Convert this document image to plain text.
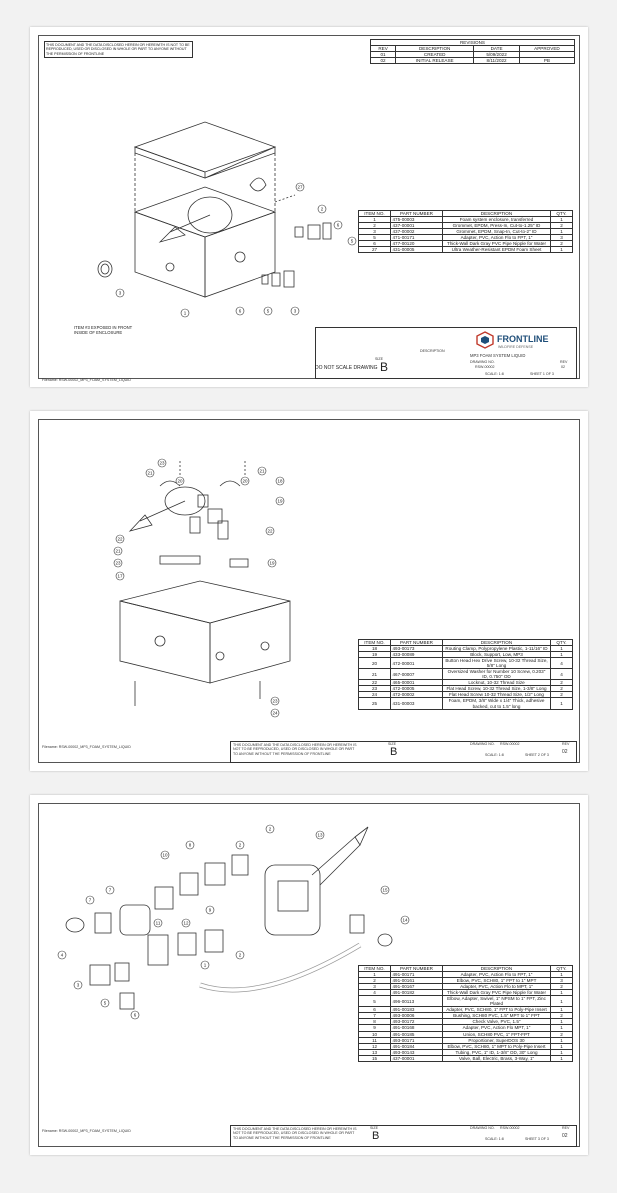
THIS DOCUMENT AND THE DATA DISCLOSED HEREIN OR HEREWITH IS NOT TO BE REPRODUCED, USED OR DISCLOSED IN WHOLE OR PART TO ANYONE WITHOUT THE PERMISSION OF FRONTLINE
REVISIONS			
REV	DESCRIPTION	DATE	APPROVED
01	CREATED	5/09/2022	
02	INITIAL RELEASE	8/11/2022	PB
27
2
6
5
1
3
6	5	3
ITEM #3 EXPOSED IN FRONT INSIDE OF ENCLOSURE
ITEM NO.	PART NUMBER	DESCRIPTION	QTY.
1	475-00003	Foam system enclosure, transferred	1
2	437-00001	Grommet, EPDM, Press-In, Cut-to-1.25" ID	2
3	437-00002	Grommet, EPDM, Snap-In, Cut-to-2" ID	1
5	471-00171	Adapter, PVC, Action Flo to FPT, 1"	3
6	477-00120	Thick-Wall Dark Gray PVC Pipe Nipple for Water	2
27	431-00005	Ultra Weather-Resistant EPDM Foam Sheet	1
FRONTLINE
WILDFIRE DEFENSE
DESCRIPTION
MP3 FOAM SYSTEM LIQUID
SIZE
B	DRAWING NO.
RSW-00002
REV
02
SCALE: 1:8	SHEET 1 OF 3
DO NOT SCALE DRAWING
Filename: RSW-00002_MP3_FOAM_SYSTEM_LIQUID
23
21
20	20
21
18
19
22
22
21
23
17
19
23
24
ITEM NO.	PART NUMBER	DESCRIPTION	QTY.
18	493-00173	Routing Clamp, Polypropylene Plastic, 1-11/16" ID	1
19	433-00089	Block, Support, Low, MP3	1
20	472-00001	Button Head Hex Drive Screw, 10-32 Thread Size, 5/8" Long	4
21	467-00007	Oversized Washer for Number 10 Screw, 0.203" ID, 0.750" OD	4
22	465-00001	Locknut, 10-32 Thread Size	2
23	472-00005	Flat Head Screw, 10-32 Thread Size, 1-3/8" Long	2
24	472-00002	Flat Head Screw 10-32 Thread Size, 1/2" Long	2
25	431-00003	Foam, EPDM, 3/8" Wide x 1/4" Thick, adhesive backed, cut to 1.5" long	1
THIS DOCUMENT AND THE DATA DISCLOSED HEREIN OR HEREWITH IS NOT TO BE REPRODUCED, USED OR DISCLOSED IN WHOLE OR PART TO ANYONE WITHOUT THE PERMISSION OF FRONTLINE
SIZE
B
DRAWING NO. RSW-00002	REV
02
SCALE: 1:8	SHEET 2 OF 3
Filename: RSW-00002_MP3_FOAM_SYSTEM_LIQUID
2
8
10
2
7
7
9
4
11	12
2
1
6
5
3
13
15
14
ITEM NO.	PART NUMBER	DESCRIPTION	QTY.
1	491-00171	Adapter, PVC, Action Flo to FPT, 1"	1
2	491-00161	Elbow, PVC, SCH80, 1" FPT to 1" MPT	3
3	491-00167	Adapter, PVC, Action Flo to MPT, 1"	2
4	491-00182	Thick-Wall Dark Gray PVC Pipe Nipple for Water	1
5	496-00113	Elbow, Adapter, Swivel, 1" NPSM to 1" FPT, Zinc Plated	1
6	491-00183	Adapter, PVC, SCH80, 1" FPT to Poly-Pipe Insert	1
7	493-00006	Bushing, SCH80 PVC, 1.5" MPT to 1" FPT	2
8	493-00172	Check Valve, PVC, 1.5"	1
9	491-00168	Adapter, PVC, Action Flo MPT, 1"	1
10	491-00185	Union, SCH80 PVC, 1" FPT-FPT	2
11	493-00171	Proportioner, SuperDOS 30	1
12	491-00184	Elbow, PVC, SCH80, 1" MPT to Poly-Pipe Insert	1
13	493-00143	Tubing, PVC, 1" ID, 1-3/8" OD, 30" Long	1
15	437-00001	Valve, Ball, Electric, Brass, 3-Way, 1"	1
THIS DOCUMENT AND THE DATA DISCLOSED HEREIN OR HEREWITH IS NOT TO BE REPRODUCED, USED OR DISCLOSED IN WHOLE OR PART TO ANYONE WITHOUT THE PERMISSION OF FRONTLINE
SIZE
B
DRAWING NO. RSW-00002	REV
02
SCALE: 1:8	SHEET 3 OF 3
Filename: RSW-00002_MP3_FOAM_SYSTEM_LIQUID
